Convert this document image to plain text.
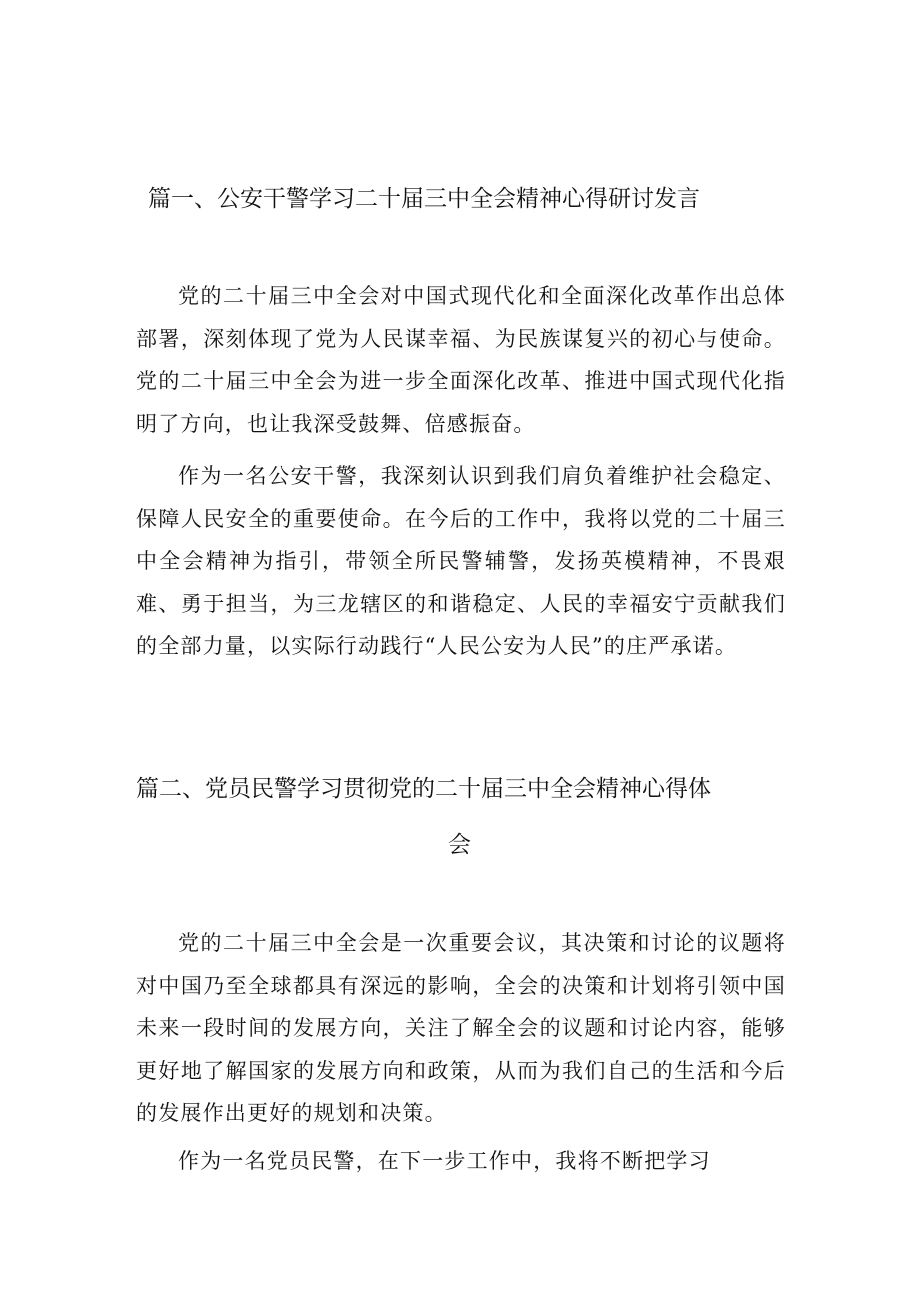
篇一、公安干警学习二十届三中全会精神心得研讨发言

党的二十届三中全会对中国式现代化和全面深化改革作出总体部署，深刻体现了党为人民谋幸福、为民族谋复兴的初心与使命。党的二十届三中全会为进一步全面深化改革、推进中国式现代化指明了方向，也让我深受鼓舞、倍感振奋。

作为一名公安干警，我深刻认识到我们肩负着维护社会稳定、保障人民安全的重要使命。在今后的工作中，我将以党的二十届三中全会精神为指引，带领全所民警辅警，发扬英模精神，不畏艰难、勇于担当，为三龙辖区的和谐稳定、人民的幸福安宁贡献我们的全部力量，以实际行动践行“人民公安为人民”的庄严承诺。

篇二、党员民警学习贯彻党的二十届三中全会精神心得体
会

党的二十届三中全会是一次重要会议，其决策和讨论的议题将对中国乃至全球都具有深远的影响，全会的决策和计划将引领中国未来一段时间的发展方向，关注了解全会的议题和讨论内容，能够更好地了解国家的发展方向和政策，从而为我们自己的生活和今后的发展作出更好的规划和决策。

作为一名党员民警，在下一步工作中，我将不断把学习
